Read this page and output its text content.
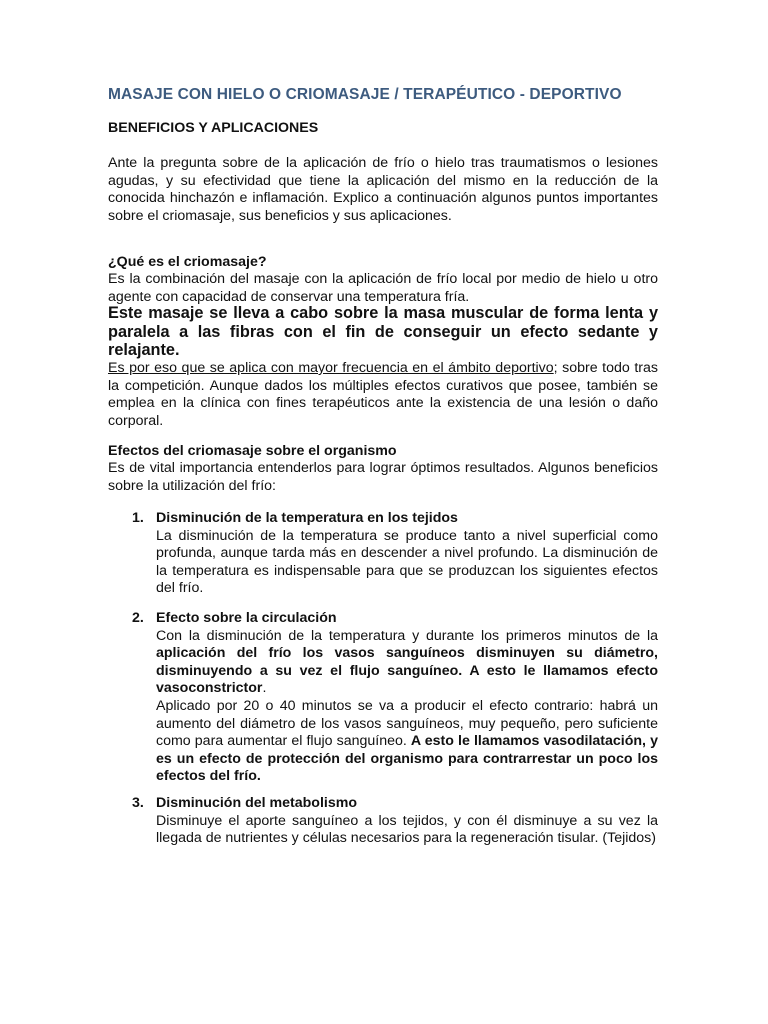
MASAJE CON HIELO O CRIOMASAJE / TERAPÉUTICO - DEPORTIVO
BENEFICIOS Y APLICACIONES
Ante la pregunta sobre de la aplicación de frío o hielo tras traumatismos o lesiones agudas, y su efectividad que tiene la aplicación del mismo en la reducción de la conocida hinchazón e inflamación. Explico a continuación algunos puntos importantes sobre el criomasaje, sus beneficios y sus aplicaciones.
¿Qué es el criomasaje?
Es la combinación del masaje con la aplicación de frío local por medio de hielo u otro agente con capacidad de conservar una temperatura fría.
Este masaje se lleva a cabo sobre la masa muscular de forma lenta y paralela a las fibras con el fin de conseguir un efecto sedante y relajante.
Es por eso que se aplica con mayor frecuencia en el ámbito deportivo; sobre todo tras la competición. Aunque dados los múltiples efectos curativos que posee, también se emplea en la clínica con fines terapéuticos ante la existencia de una lesión o daño corporal.
Efectos del criomasaje sobre el organismo
Es de vital importancia entenderlos para lograr óptimos resultados. Algunos beneficios sobre la utilización del frío:
1. Disminución de la temperatura en los tejidos
La disminución de la temperatura se produce tanto a nivel superficial como profunda, aunque tarda más en descender a nivel profundo. La disminución de la temperatura es indispensable para que se produzcan los siguientes efectos del frío.
2. Efecto sobre la circulación
Con la disminución de la temperatura y durante los primeros minutos de la aplicación del frío los vasos sanguíneos disminuyen su diámetro, disminuyendo a su vez el flujo sanguíneo. A esto le llamamos efecto vasoconstrictor.
Aplicado por 20 o 40 minutos se va a producir el efecto contrario: habrá un aumento del diámetro de los vasos sanguíneos, muy pequeño, pero suficiente como para aumentar el flujo sanguíneo. A esto le llamamos vasodilatación, y es un efecto de protección del organismo para contrarrestar un poco los efectos del frío.
3. Disminución del metabolismo
Disminuye el aporte sanguíneo a los tejidos, y con él disminuye a su vez la llegada de nutrientes y células necesarios para la regeneración tisular. (Tejidos)
